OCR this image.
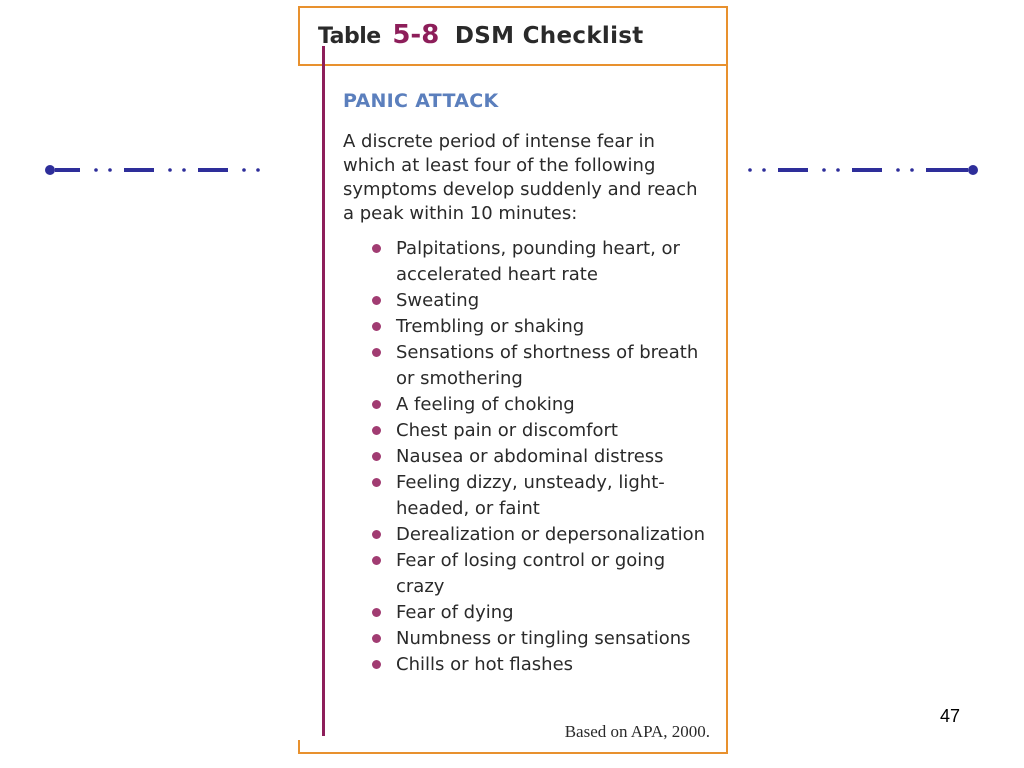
Table 5-8 DSM Checklist
PANIC ATTACK
A discrete period of intense fear in which at least four of the following symptoms develop suddenly and reach a peak within 10 minutes:
Palpitations, pounding heart, or accelerated heart rate
Sweating
Trembling or shaking
Sensations of shortness of breath or smothering
A feeling of choking
Chest pain or discomfort
Nausea or abdominal distress
Feeling dizzy, unsteady, light-headed, or faint
Derealization or depersonalization
Fear of losing control or going crazy
Fear of dying
Numbness or tingling sensations
Chills or hot flashes
Based on APA, 2000.
47
